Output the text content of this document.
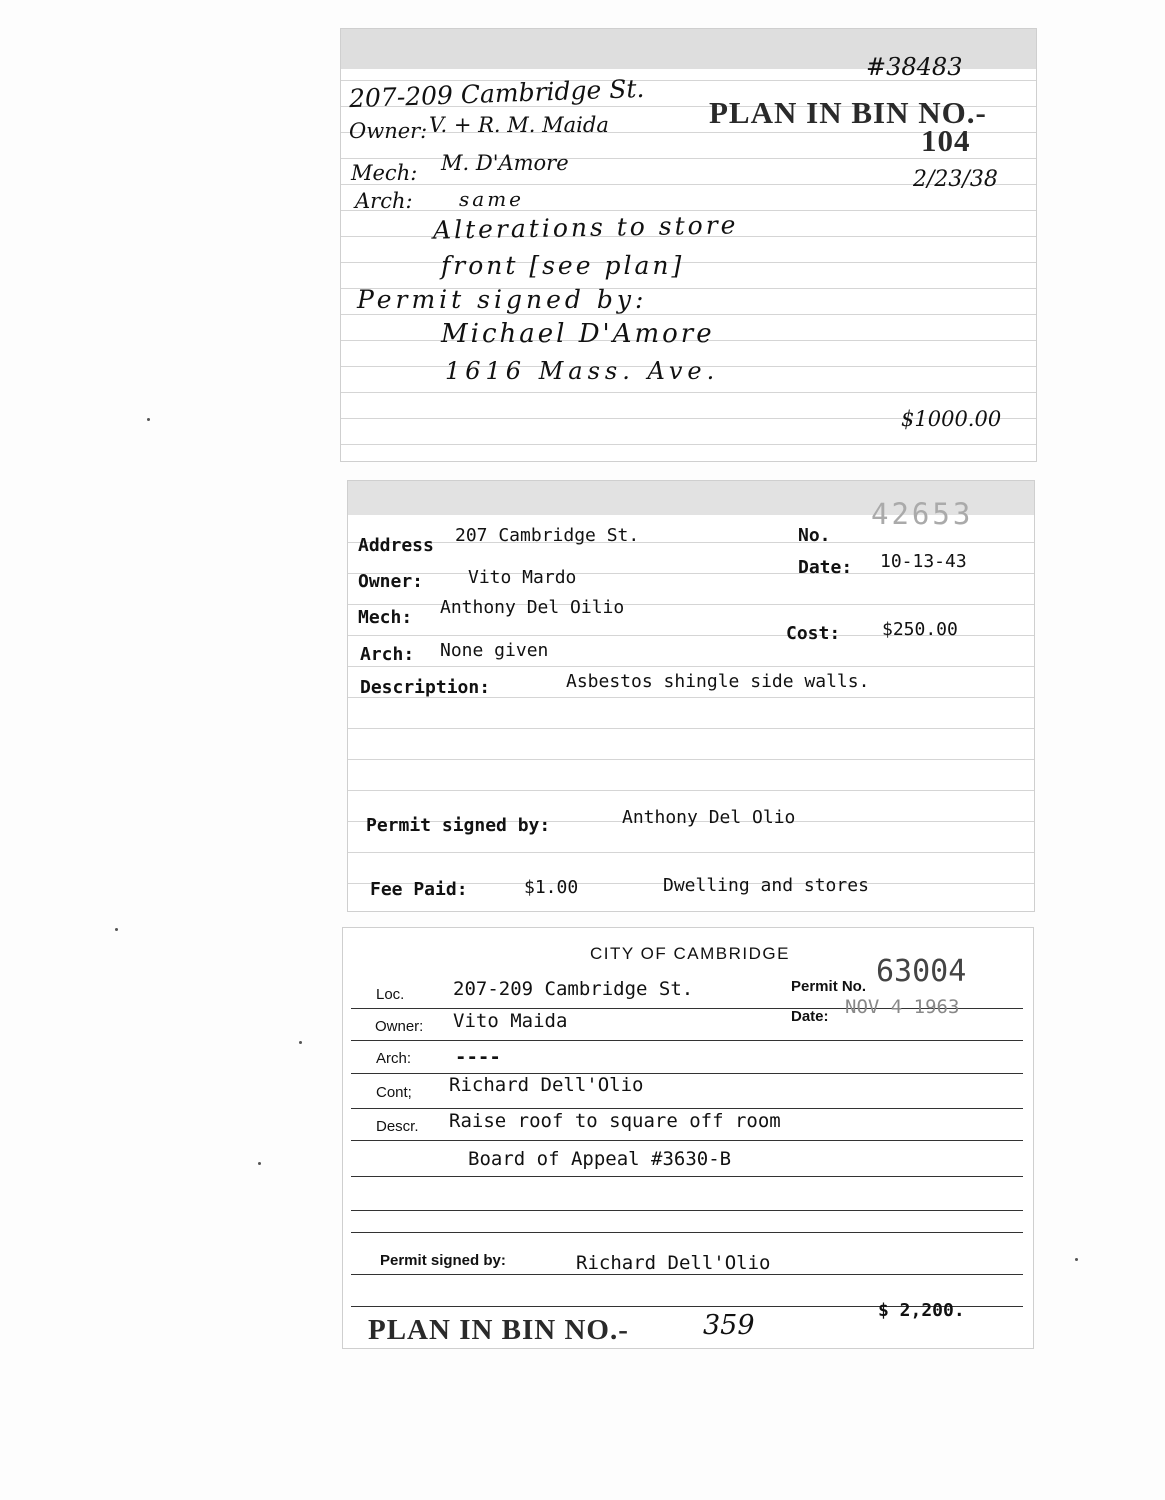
207-209 Cambridge St.
#38483
Owner: V. + R. M. Maida	PLAN IN BIN NO.-
104
Mech: M. D'Amore
2/23/38
Arch: same
Alterations to store
front [see plan]
Permit signed by:
Michael D'Amore
1616 Mass. Ave.
$1000.00
42653
Address 207 Cambridge St.	No.
Owner: Vito Mardo	Date: 10-13-43
Mech: Anthony Del Oilio
Cost: $250.00
Arch: None given
Description:	Asbestos shingle side walls.
Permit signed by:	Anthony Del Olio
Fee Paid:	$1.00	Dwelling and stores
CITY OF CAMBRIDGE
Loc.	207-209 Cambridge St.	Permit No. 63004
Owner: Vito Maida	Date: NOV 4 1963
Arch: ----
Cont; Richard Dell'Olio
Descr. Raise roof to square off room
Board of Appeal #3630-B
Permit signed by:	Richard Dell'Olio
PLAN IN BIN NO.-	359	$ 2,200.
